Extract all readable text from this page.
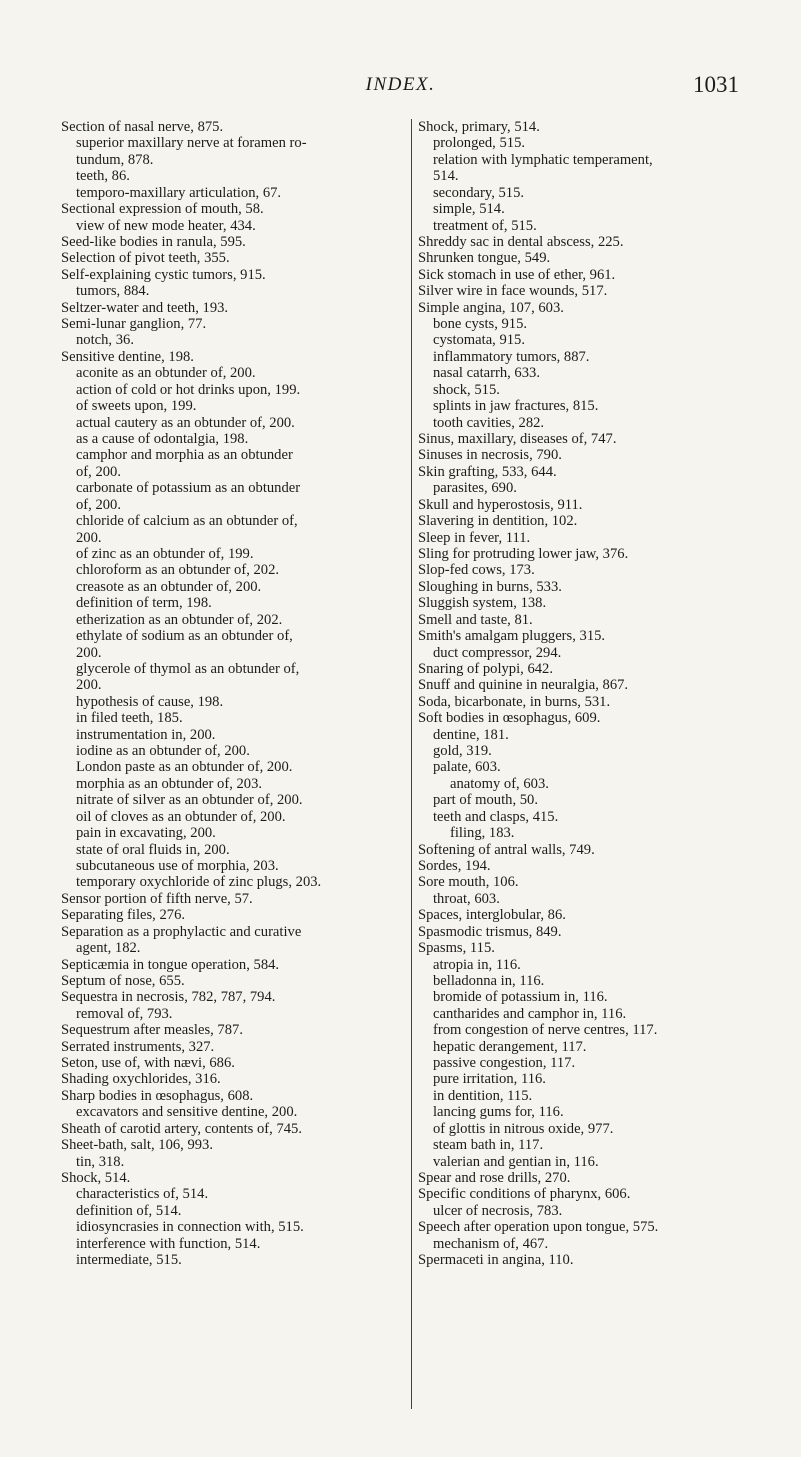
INDEX.	1031
Section of nasal nerve, 875.
superior maxillary nerve at foramen ro-
tundum, 878.
teeth, 86.
temporo-maxillary articulation, 67.
Sectional expression of mouth, 58.
view of new mode heater, 434.
Seed-like bodies in ranula, 595.
Selection of pivot teeth, 355.
Self-explaining cystic tumors, 915.
tumors, 884.
Seltzer-water and teeth, 193.
Semi-lunar ganglion, 77.
notch, 36.
Sensitive dentine, 198.
aconite as an obtunder of, 200.
action of cold or hot drinks upon, 199.
of sweets upon, 199.
actual cautery as an obtunder of, 200.
as a cause of odontalgia, 198.
camphor and morphia as an obtunder
of, 200.
carbonate of potassium as an obtunder
of, 200.
chloride of calcium as an obtunder of,
200.
of zinc as an obtunder of, 199.
chloroform as an obtunder of, 202.
creasote as an obtunder of, 200.
definition of term, 198.
etherization as an obtunder of, 202.
ethylate of sodium as an obtunder of,
200.
glycerole of thymol as an obtunder of,
200.
hypothesis of cause, 198.
in filed teeth, 185.
instrumentation in, 200.
iodine as an obtunder of, 200.
London paste as an obtunder of, 200.
morphia as an obtunder of, 203.
nitrate of silver as an obtunder of, 200.
oil of cloves as an obtunder of, 200.
pain in excavating, 200.
state of oral fluids in, 200.
subcutaneous use of morphia, 203.
temporary oxychloride of zinc plugs, 203.
Sensor portion of fifth nerve, 57.
Separating files, 276.
Separation as a prophylactic and curative
agent, 182.
Septicæmia in tongue operation, 584.
Septum of nose, 655.
Sequestra in necrosis, 782, 787, 794.
removal of, 793.
Sequestrum after measles, 787.
Serrated instruments, 327.
Seton, use of, with nævi, 686.
Shading oxychlorides, 316.
Sharp bodies in œsophagus, 608.
excavators and sensitive dentine, 200.
Sheath of carotid artery, contents of, 745.
Sheet-bath, salt, 106, 993.
tin, 318.
Shock, 514.
characteristics of, 514.
definition of, 514.
idiosyncrasies in connection with, 515.
interference with function, 514.
intermediate, 515.
Shock, primary, 514.
prolonged, 515.
relation with lymphatic temperament,
514.
secondary, 515.
simple, 514.
treatment of, 515.
Shreddy sac in dental abscess, 225.
Shrunken tongue, 549.
Sick stomach in use of ether, 961.
Silver wire in face wounds, 517.
Simple angina, 107, 603.
bone cysts, 915.
cystomata, 915.
inflammatory tumors, 887.
nasal catarrh, 633.
shock, 515.
splints in jaw fractures, 815.
tooth cavities, 282.
Sinus, maxillary, diseases of, 747.
Sinuses in necrosis, 790.
Skin grafting, 533, 644.
parasites, 690.
Skull and hyperostosis, 911.
Slavering in dentition, 102.
Sleep in fever, 111.
Sling for protruding lower jaw, 376.
Slop-fed cows, 173.
Sloughing in burns, 533.
Sluggish system, 138.
Smell and taste, 81.
Smith's amalgam pluggers, 315.
duct compressor, 294.
Snaring of polypi, 642.
Snuff and quinine in neuralgia, 867.
Soda, bicarbonate, in burns, 531.
Soft bodies in œsophagus, 609.
dentine, 181.
gold, 319.
palate, 603.
anatomy of, 603.
part of mouth, 50.
teeth and clasps, 415.
filing, 183.
Softening of antral walls, 749.
Sordes, 194.
Sore mouth, 106.
throat, 603.
Spaces, interglobular, 86.
Spasmodic trismus, 849.
Spasms, 115.
atropia in, 116.
belladonna in, 116.
bromide of potassium in, 116.
cantharides and camphor in, 116.
from congestion of nerve centres, 117.
hepatic derangement, 117.
passive congestion, 117.
pure irritation, 116.
in dentition, 115.
lancing gums for, 116.
of glottis in nitrous oxide, 977.
steam bath in, 117.
valerian and gentian in, 116.
Spear and rose drills, 270.
Specific conditions of pharynx, 606.
ulcer of necrosis, 783.
Speech after operation upon tongue, 575.
mechanism of, 467.
Spermaceti in angina, 110.
